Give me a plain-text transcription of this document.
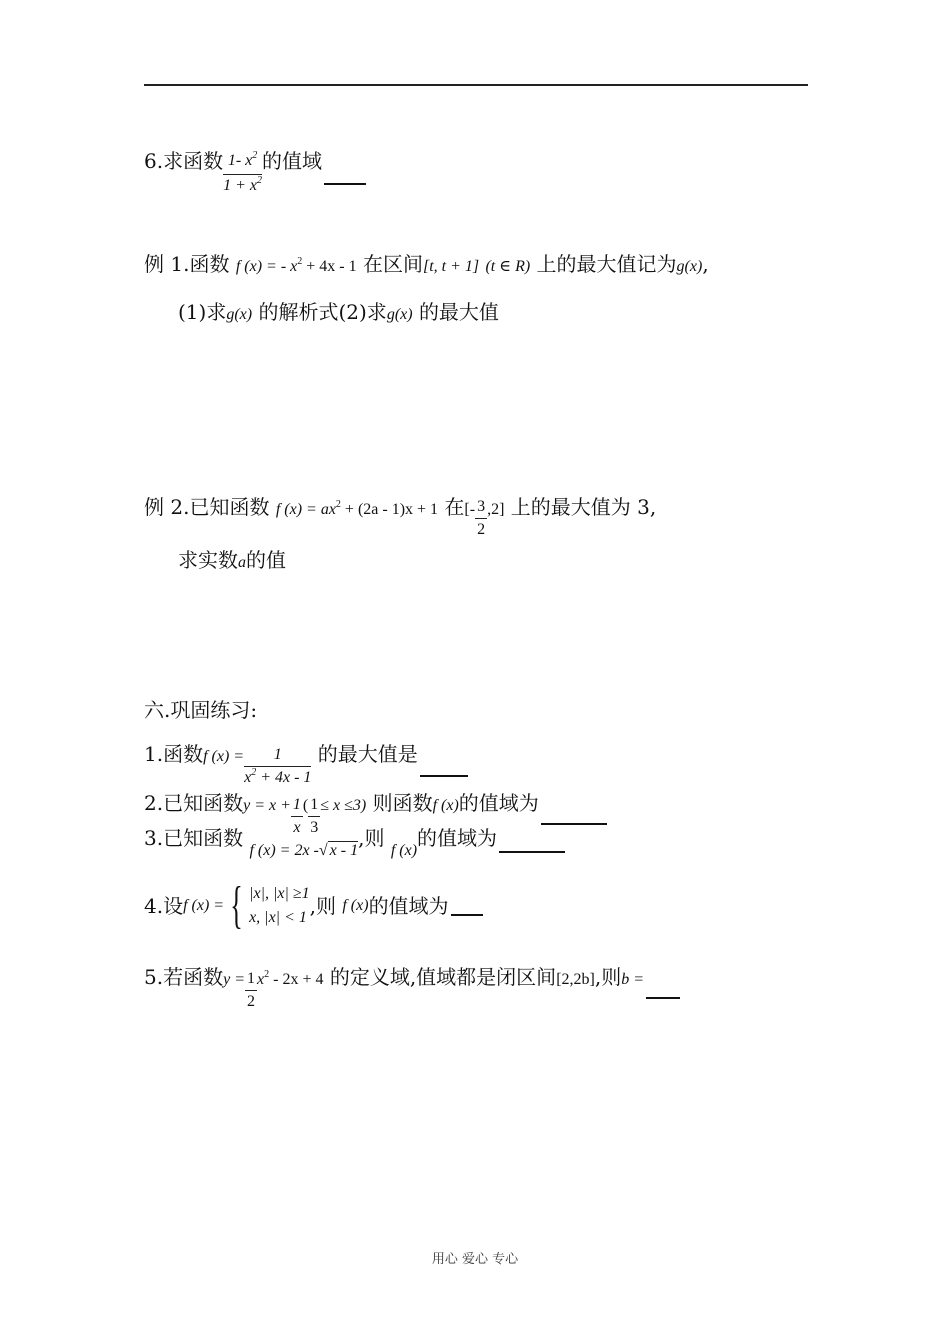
6.求函数 $\frac{1- x^2}{1 + x^2}$ 的值域
例 1.函数 f (x) = - $x^2 + 4x - 1$ 在区间[t, t + 1] (t ∈ R) 上的最大值记为g(x),
(1)求g(x) 的解析式(2)求g(x) 的最大值
例 2.已知函数 f $(x) = ax^2 + (2a - 1)x + 1$ 在[- $\frac{3}{2} ,2$] 上的最大值为 3,
求实数a的值
六.巩固练习:
1.函数f $(x) = \frac{1}{x^2 + 4x - 1}$ 的最大值是
2.已知函数$y = x + \frac{1}{x}$ ( $\frac{1}{3} \le x \le 3$) 则函数f (x)的值域为
3.已知函数 $_{f (x) = 2x -√ x - 1}$,则 $_{f (x)}$的值域为
4.设f (x) = { |x|, |x| ≥1
x, |x| < 1 ,则 f (x)的值域为
5.若函数$y = \frac{1}{2} x^2 - 2x + 4$ 的定义域,值域都是闭区间[2,2b],则b =
用心 爱心 专心
